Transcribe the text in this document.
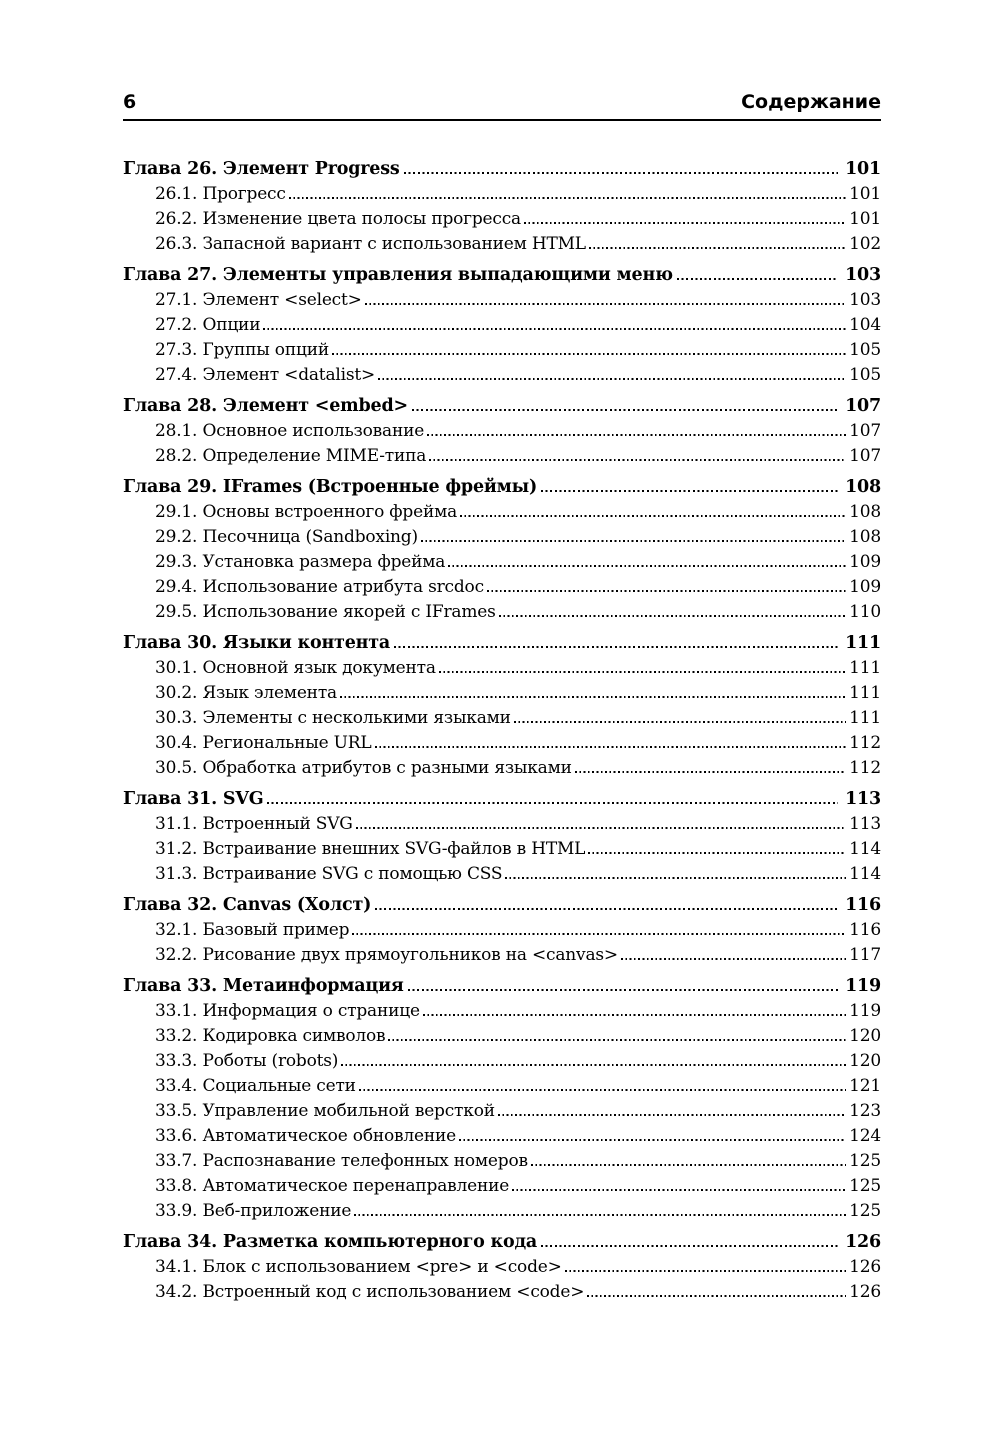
6	Содержание
Глава 26. Элемент Progress	101
26.1. Прогресс	101
26.2. Изменение цвета полосы прогресса	101
26.3. Запасной вариант с использованием HTML	102
Глава 27. Элементы управления выпадающими меню	103
27.1. Элемент <select>	103
27.2. Опции	104
27.3. Группы опций	105
27.4. Элемент <datalist>	105
Глава 28. Элемент <embed>	107
28.1. Основное использование	107
28.2. Определение MIME-типа	107
Глава 29. IFrames (Встроенные фреймы)	108
29.1. Основы встроенного фрейма	108
29.2. Песочница (Sandboxing)	108
29.3. Установка размера фрейма	109
29.4. Использование атрибута srcdoc	109
29.5. Использование якорей с IFrames	110
Глава 30. Языки контента	111
30.1. Основной язык документа	111
30.2. Язык элемента	111
30.3. Элементы с несколькими языками	111
30.4. Региональные URL	112
30.5. Обработка атрибутов с разными языками	112
Глава 31. SVG	113
31.1. Встроенный SVG	113
31.2. Встраивание внешних SVG-файлов в HTML	114
31.3. Встраивание SVG с помощью CSS	114
Глава 32. Canvas (Холст)	116
32.1. Базовый пример	116
32.2. Рисование двух прямоугольников на <canvas>	117
Глава 33. Метаинформация	119
33.1. Информация о странице	119
33.2. Кодировка символов	120
33.3. Роботы (robots)	120
33.4. Социальные сети	121
33.5. Управление мобильной версткой	123
33.6. Автоматическое обновление	124
33.7. Распознавание телефонных номеров	125
33.8. Автоматическое перенаправление	125
33.9. Веб-приложение	125
Глава 34. Разметка компьютерного кода	126
34.1. Блок с использованием <pre> и <code>	126
34.2. Встроенный код с использованием <code>	126
